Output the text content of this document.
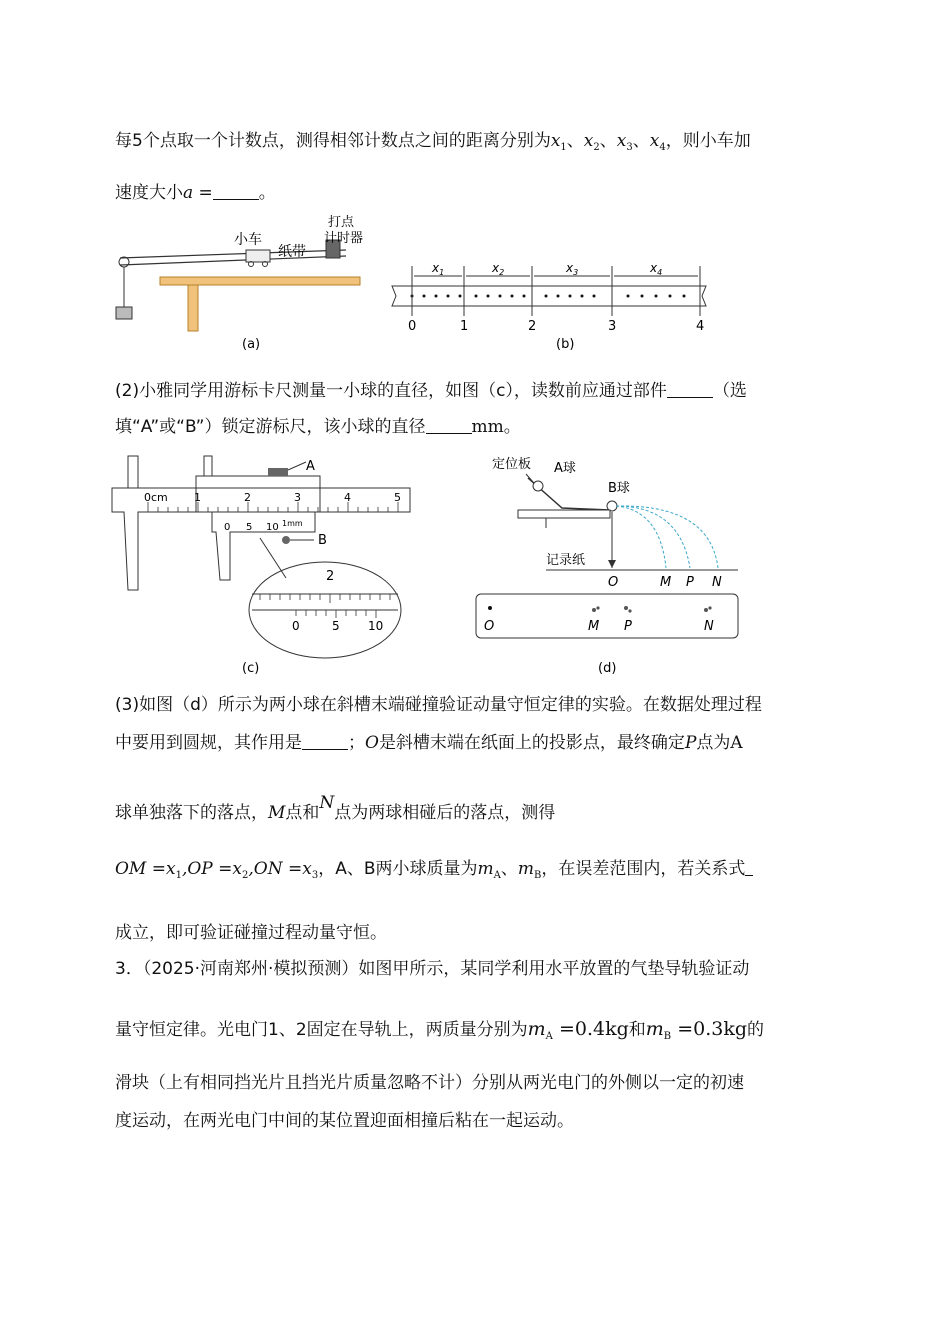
每5个点取一个计数点，测得相邻计数点之间的距离分别为$x_1$、$x_2$、$x_3$、$x_4$，则小车加
速度大小a =	。
小车
纸带
打点
计时器
(a)
$x_1$	$x_2$	$x_3$	$x_4$
0	1	2	3	4
(b)
(2)小雅同学用游标卡尺测量一小球的直径，如图（c），读数前应通过部件	（选
填“A”或“B”）锁定游标尺，该小球的直径	mm。
0cm 1	2	3	4	5
0 5 10 1mm
A
B
2
0	5 10
(c)
定位板 A球
B球
记录纸
O	M P N
O	M P	N
(d)
(3)如图（d）所示为两小球在斜槽末端碰撞验证动量守恒定律的实验。在数据处理过程
中要用到圆规，其作用是	；O是斜槽末端在纸面上的投影点，最终确定P点为A
球单独落下的落点，M点和N点为两球相碰后的落点，测得
OM $=x_1,OP =x_2,ON =x_3$，A、B两小球质量为$m_A$、$m_B$，在误差范围内，若关系式
成立，即可验证碰撞过程动量守恒。
3．（2025·河南郑州·模拟预测）如图甲所示，某同学利用水平放置的气垫导轨验证动
量守恒定律。光电门1、2固定在导轨上，两质量分别为$m_A =0.4kg$和$m_B =0.3kg$的
滑块（上有相同挡光片且挡光片质量忽略不计）分别从两光电门的外侧以一定的初速
度运动，在两光电门中间的某位置迎面相撞后粘在一起运动。
